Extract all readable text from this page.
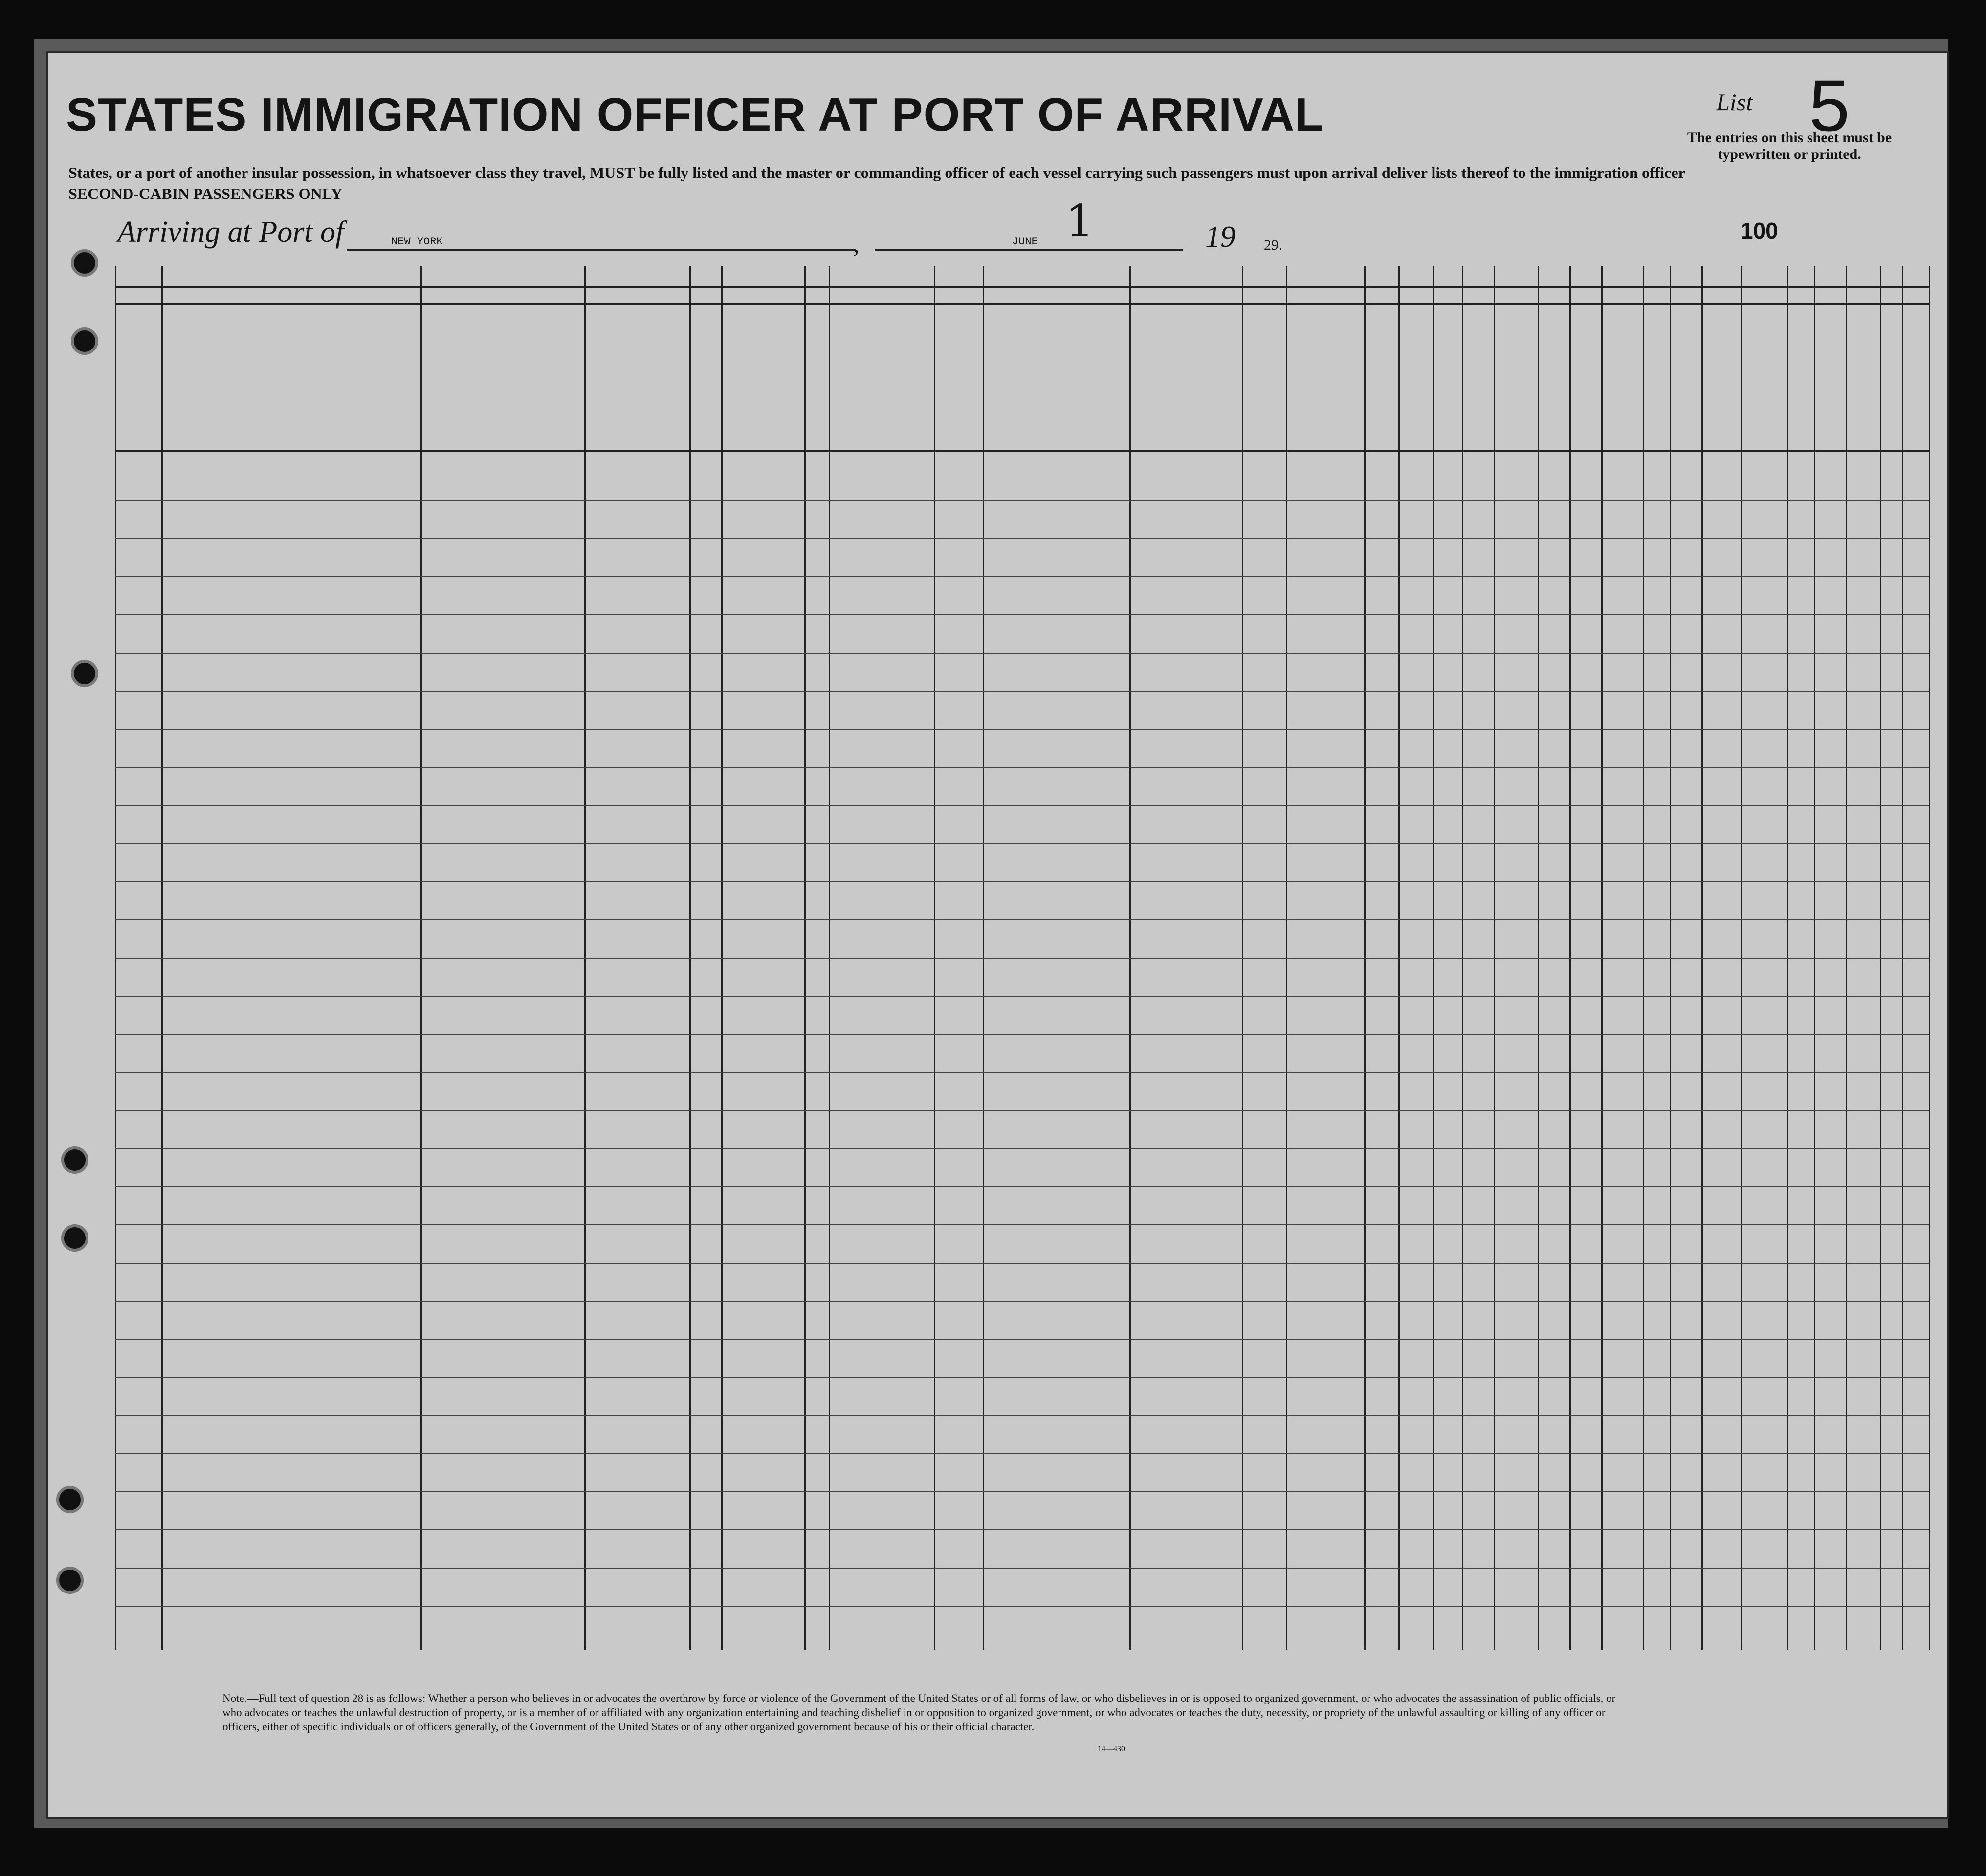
STATES IMMIGRATION OFFICER AT PORT OF ARRIVAL
States, or a port of another insular possession, in whatsoever class they travel, MUST be fully listed and the master or commanding officer of each vessel carrying such passengers must upon arrival deliver lists thereof to the immigration officer
SECOND-CABIN PASSENGERS ONLY
List 5
The entries on this sheet must be typewritten or printed.
Arriving at Port of	NEW YORK	,	JUNE 1	19 29.
100
Note.—Full text of question 28 is as follows: Whether a person who believes in or advocates the overthrow by force or violence of the Government of the United States or of all forms of law, or who disbelieves in or is opposed to organized government, or who advocates the assassination of public officials, or who advocates or teaches the unlawful destruction of property, or is a member of or affiliated with any organization entertaining and teaching disbelief in or opposition to organized government, or who advocates or teaches the duty, necessity, or propriety of the unlawful assaulting or killing of any officer or officers, either of specific individuals or of officers generally, of the Government of the United States or of any other organized government because of his or their official character.
14—430
